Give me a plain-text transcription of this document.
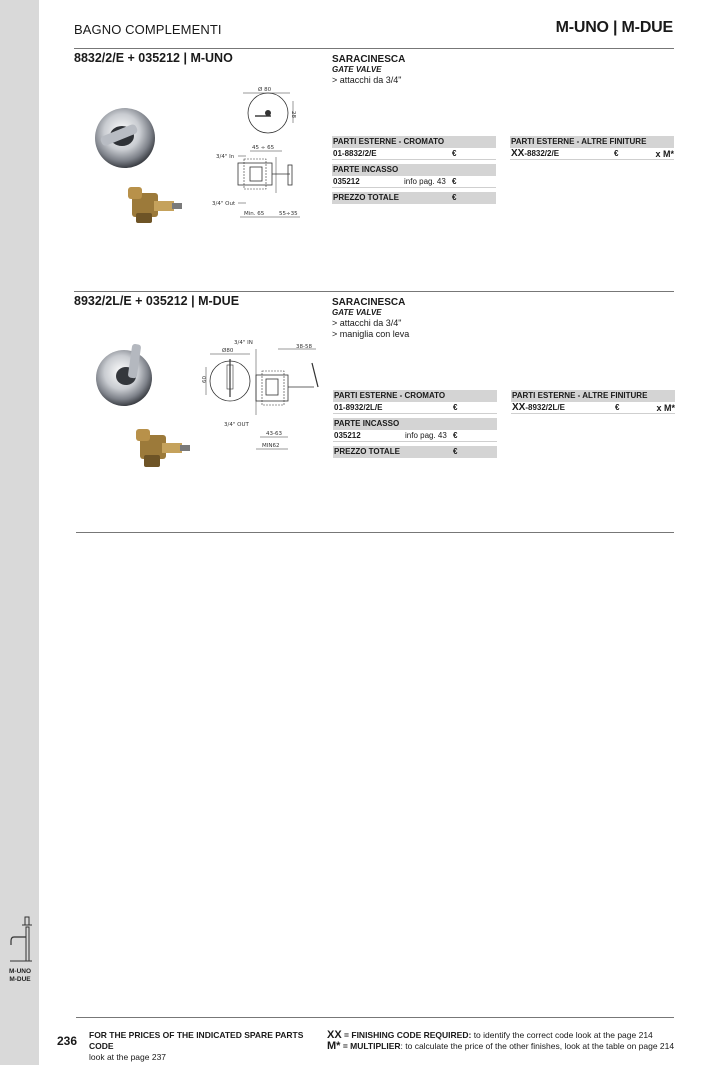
M-UNO
M-DUE
BAGNO COMPLEMENTI	M-UNO | M-DUE
8832/2/E + 035212 | M-UNO
Ø 80
28
45 ÷ 65
3/4" In
3/4" Out
Min. 65	55÷35
SARACINESCA
GATE VALVE
> attacchi da 3/4"
PARTI ESTERNE - CROMATO
01-8832/2/E	€
PARTE INCASSO
035212	info pag. 43 €
PREZZO TOTALE	€
PARTI ESTERNE - ALTRE FINITURE
XX-8832/2/E	€	x M*
8932/2L/E + 035212 | M-DUE
3/4" IN
Ø80
60
38-58
3/4" OUT
43-63
MIN62
SARACINESCA
GATE VALVE
> attacchi da 3/4"
> maniglia con leva
PARTI ESTERNE - CROMATO
01-8932/2L/E	€
PARTE INCASSO
035212	info pag. 43 €
PREZZO TOTALE	€
PARTI ESTERNE - ALTRE FINITURE
XX-8932/2L/E	€	x M*
236 FOR THE PRICES OF THE INDICATED SPARE PARTS CODE
look at the page 237
XX = FINISHING CODE REQUIRED: to identify the correct code look at the page 214
M* = MULTIPLIER: to calculate the price of the other finishes, look at the table on page 214
